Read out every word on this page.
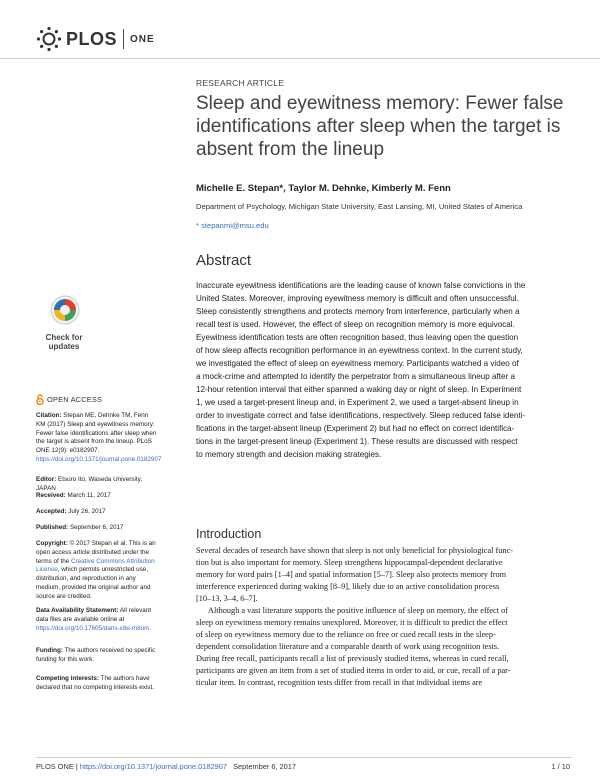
PLOS ONE
RESEARCH ARTICLE
Sleep and eyewitness memory: Fewer false identifications after sleep when the target is absent from the lineup
Michelle E. Stepan*, Taylor M. Dehnke, Kimberly M. Fenn
Department of Psychology, Michigan State University, East Lansing, MI, United States of America
* stepanmi@msu.edu
Abstract
Inaccurate eyewitness identifications are the leading cause of known false convictions in the
United States. Moreover, improving eyewitness memory is difficult and often unsuccessful.
Sleep consistently strengthens and protects memory from interference, particularly when a
recall test is used. However, the effect of sleep on recognition memory is more equivocal.
Eyewitness identification tests are often recognition based, thus leaving open the question
of how sleep affects recognition performance in an eyewitness context. In the current study,
we investigated the effect of sleep on eyewitness memory. Participants watched a video of
a mock-crime and attempted to identify the perpetrator from a simultaneous lineup after a
12-hour retention interval that either spanned a waking day or night of sleep. In Experiment
1, we used a target-present lineup and, in Experiment 2, we used a target-absent lineup in
order to investigate correct and false identifications, respectively. Sleep reduced false identi-
fications in the target-absent lineup (Experiment 2) but had no effect on correct identifica-
tions in the target-present lineup (Experiment 1). These results are discussed with respect
to memory strength and decision making strategies.
Check for
updates
OPEN ACCESS
Citation: Stepan ME, Dehnke TM, Fenn KM (2017) Sleep and eyewitness memory: Fewer false identifications after sleep when the target is absent from the lineup. PLoS ONE 12(9): e0182907. https://doi.org/10.1371/journal.pone.0182907
Editor: Etsuro Ito, Waseda University, JAPAN
Received: March 11, 2017
Accepted: July 26, 2017
Published: September 6, 2017
Copyright: © 2017 Stepan et al. This is an open access article distributed under the terms of the Creative Commons Attribution License, which permits unrestricted use, distribution, and reproduction in any medium, provided the original author and source are credited.
Data Availability Statement: All relevant data files are available online at https://doi.org/10.17605/dans-x8e-m8om.
Funding: The authors received no specific funding for this work.
Competing interests: The authors have declared that no competing interests exist.
Introduction

Several decades of research have shown that sleep is not only beneficial for physiological func-
tion but is also important for memory. Sleep strengthens hippocampal-dependent declarative
memory for word pairs [1–4] and spatial information [5–7]. Sleep also protects memory from
interference experienced during waking [8–9], likely due to an active consolidation process
[10–13, 3–4, 6–7].

Although a vast literature supports the positive influence of sleep on memory, the effect of
sleep on eyewitness memory remains unexplored. Moreover, it is difficult to predict the effect
of sleep on eyewitness memory due to the reliance on free or cued recall tests in the sleep-
dependent consolidation literature and a comparable dearth of work using recognition tests.
During free recall, participants recall a list of previously studied items, whereas in cued recall,
participants are given an item from a set of studied items in order to aid, or cue, recall of a par-
ticular item. In contrast, recognition tests differ from recall in that individual items are

PLOS ONE | https://doi.org/10.1371/journal.pone.0182907 September 6, 2017	1 / 10
